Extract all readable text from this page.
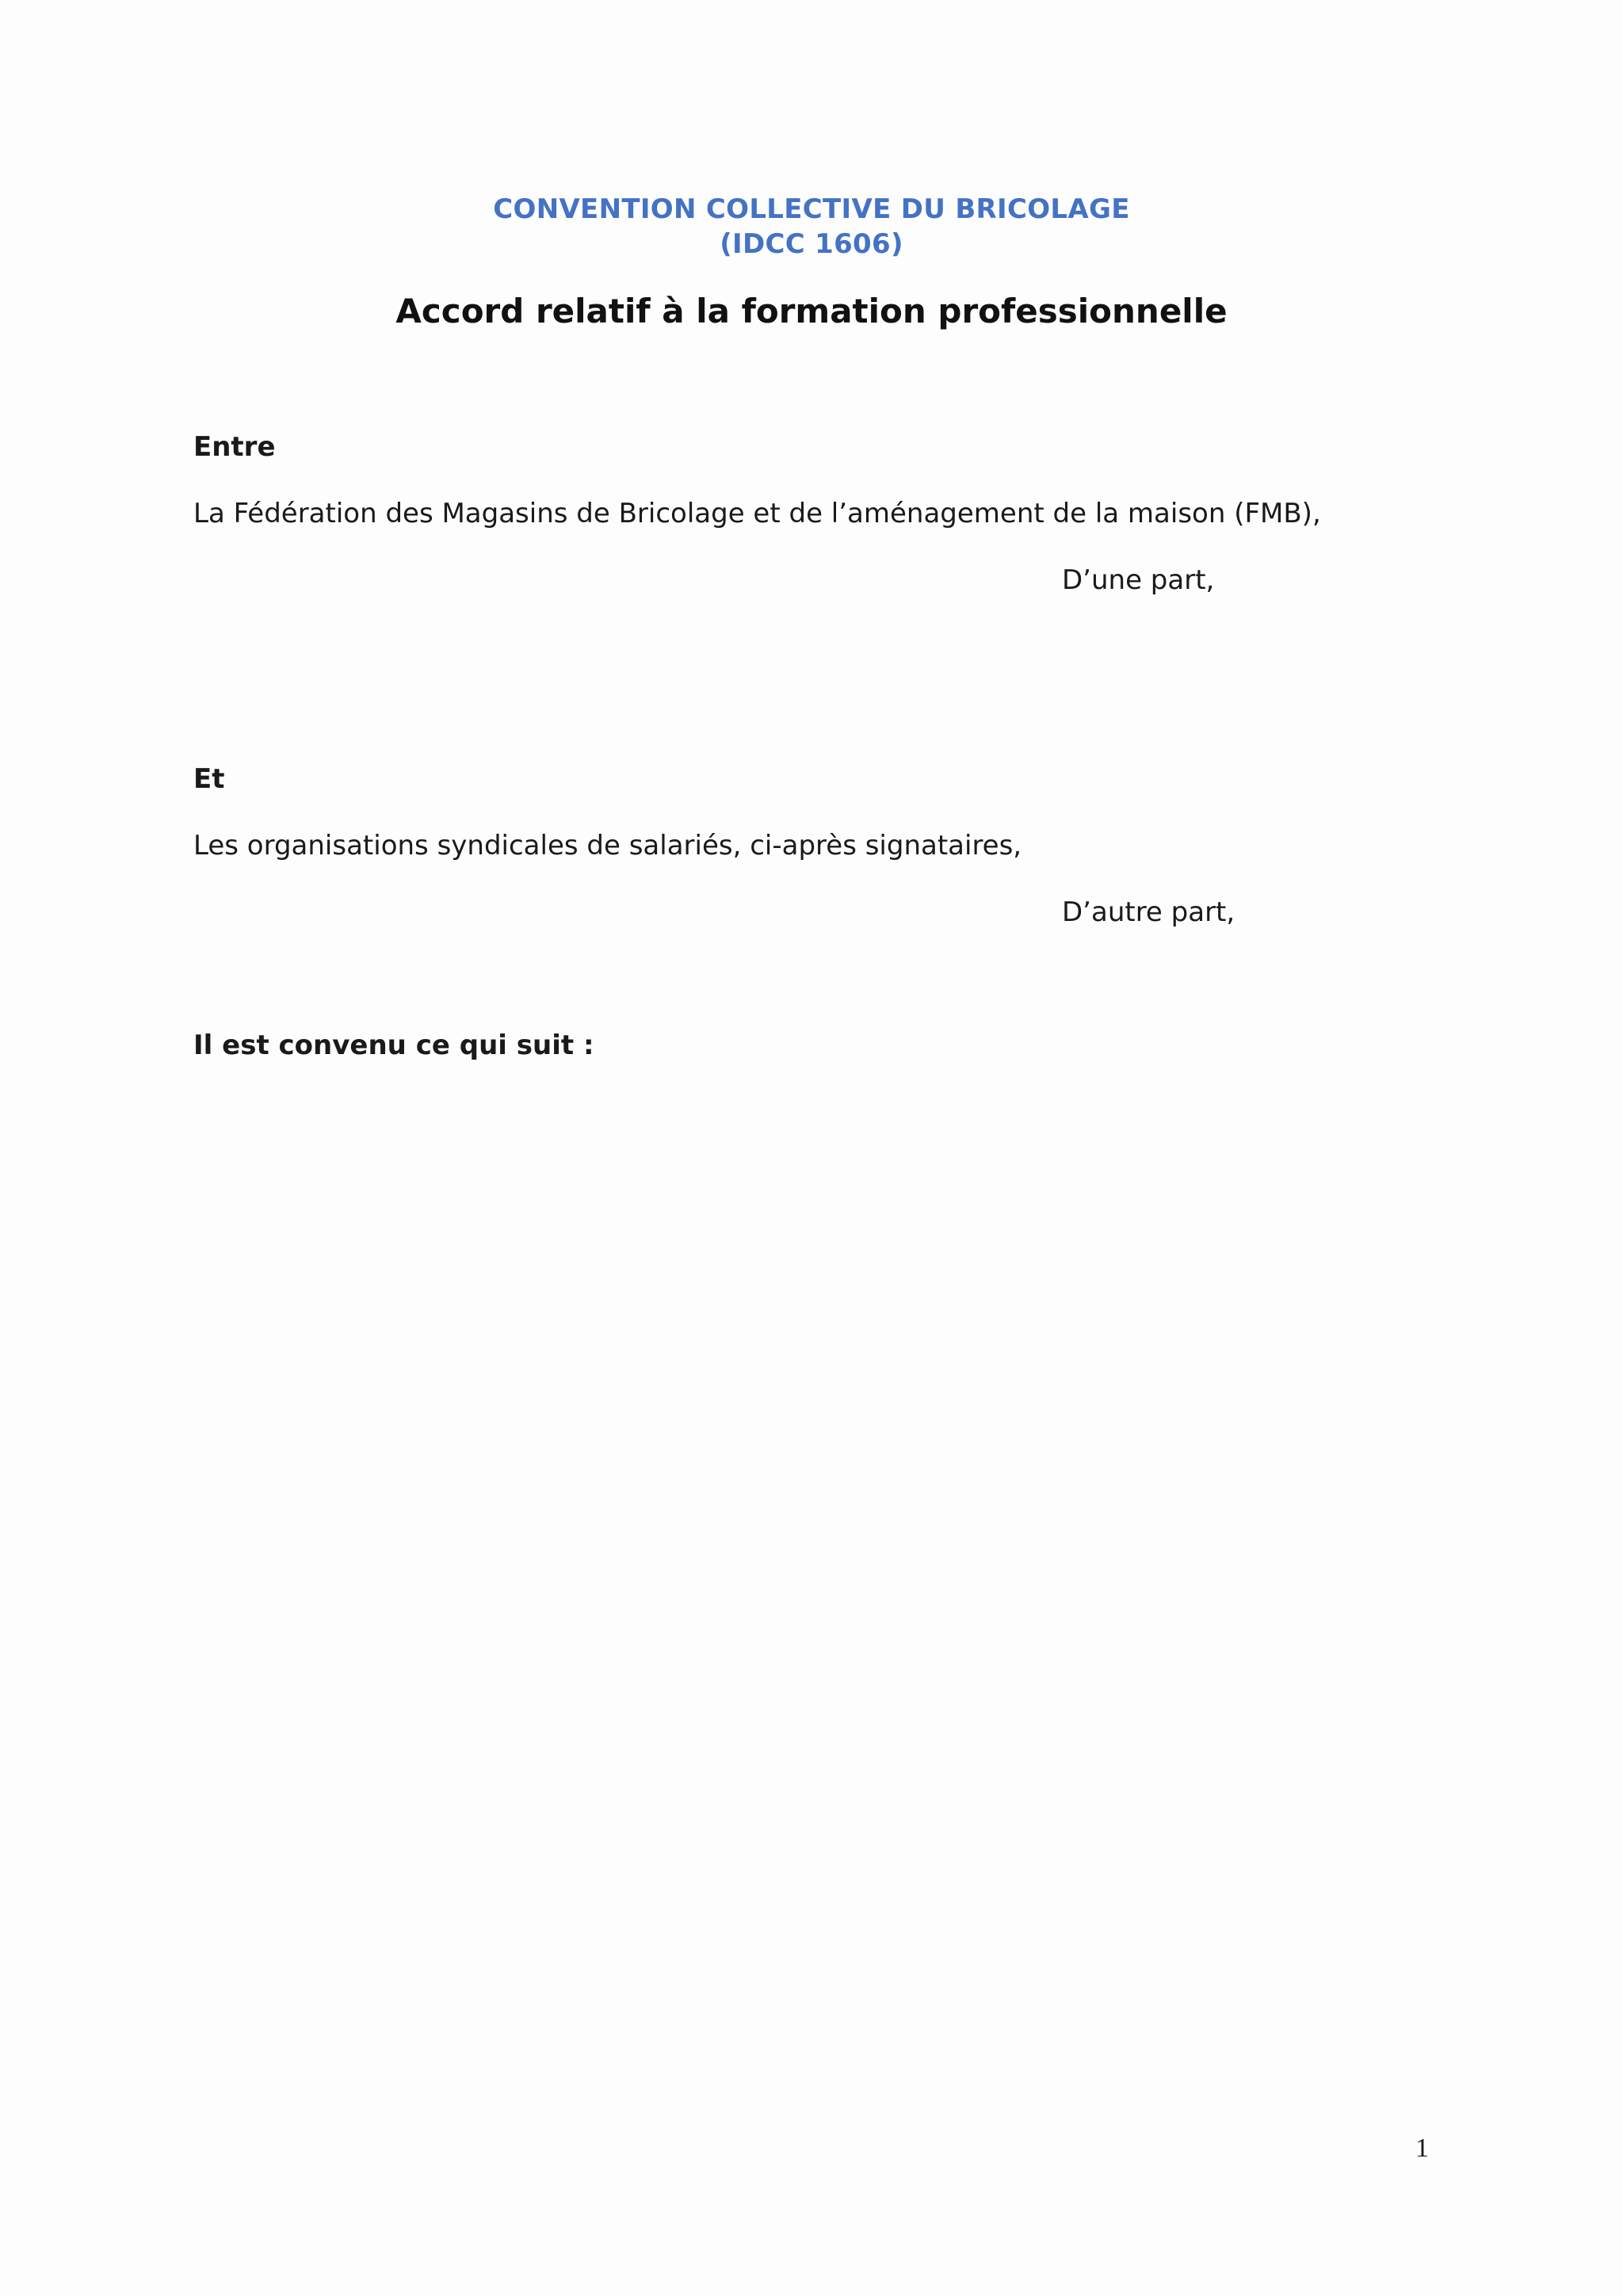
CONVENTION COLLECTIVE DU BRICOLAGE
(IDCC 1606)
Accord relatif à la formation professionnelle
Entre
La Fédération des Magasins de Bricolage et de l’aménagement de la maison (FMB),
D’une part,
Et
Les organisations syndicales de salariés, ci-après signataires,
D’autre part,
Il est convenu ce qui suit :
1
